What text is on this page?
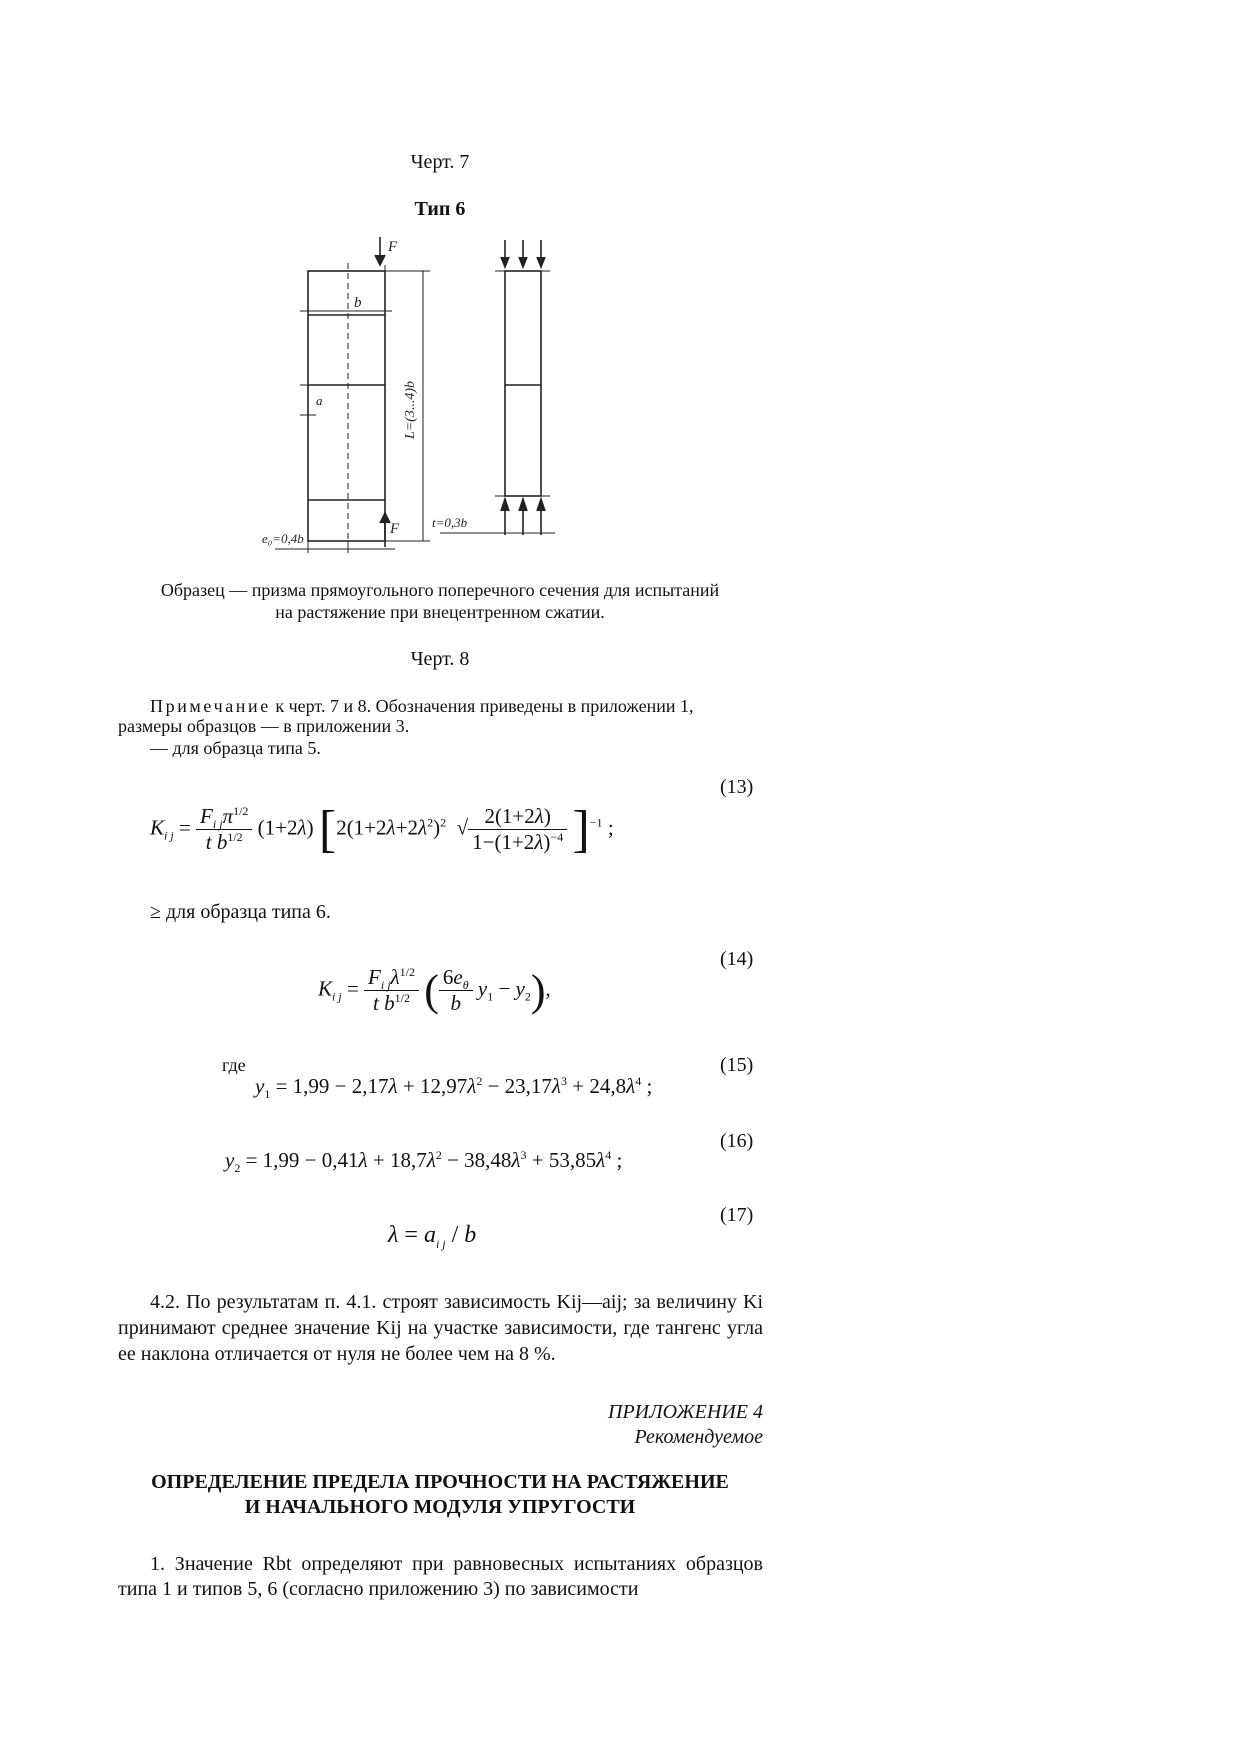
Черт. 7
Тип 6
F
F
b
a	L=(3...4)b
e₀=0,4b
t=0,3b
Образец — призма прямоугольного поперечного сечения для испытаний
на растяжение при внецентренном сжатии.
Черт. 8
Примечание к черт. 7 и 8. Обозначения приведены в приложении 1,
размеры образцов — в приложении 3.
— для образца типа 5.
(13)
$K_{i j} = \frac{F_{i j}\pi^{1/2}}{t b^{1/2}} (1+2\lambda)$ [$2(1+2\lambda+2\lambda^2)^2$  √ $\frac{2(1+2\lambda)}{1-(1+2\lambda)^{-4}} ]^{-1}$ ;
≥ для образца типа 6.
(14)
$K_{i j} = \frac{F_{i j}\lambda^{1/2}}{t b^{1/2}}$ ( $\frac{6e_\theta}{b} y_1 - y_2$),
где	(15)
$y_1 = 1,99 - 2,17\lambda + 12,97\lambda^2 - 23,17\lambda^3 + 24,8\lambda^4$ ;
(16)
$y_2 = 1,99 - 0,41\lambda + 18,7\lambda^2 - 38,48\lambda^3 + 53,85\lambda^4$ ;
(17)
$\lambda = a_{i j} / b$
4.2. По результатам п. 4.1. строят зависимость Kij—aij; за величину Ki
принимают среднее значение Kij на участке зависимости, где тангенс угла
ее наклона отличается от нуля не более чем на 8 %.
ПРИЛОЖЕНИЕ 4
Рекомендуемое
ОПРЕДЕЛЕНИЕ ПРЕДЕЛА ПРОЧНОСТИ НА РАСТЯЖЕНИЕ
И НАЧАЛЬНОГО МОДУЛЯ УПРУГОСТИ
1. Значение Rbt определяют при равновесных испытаниях образцов
типа 1 и типов 5, 6 (согласно приложению 3) по зависимости
